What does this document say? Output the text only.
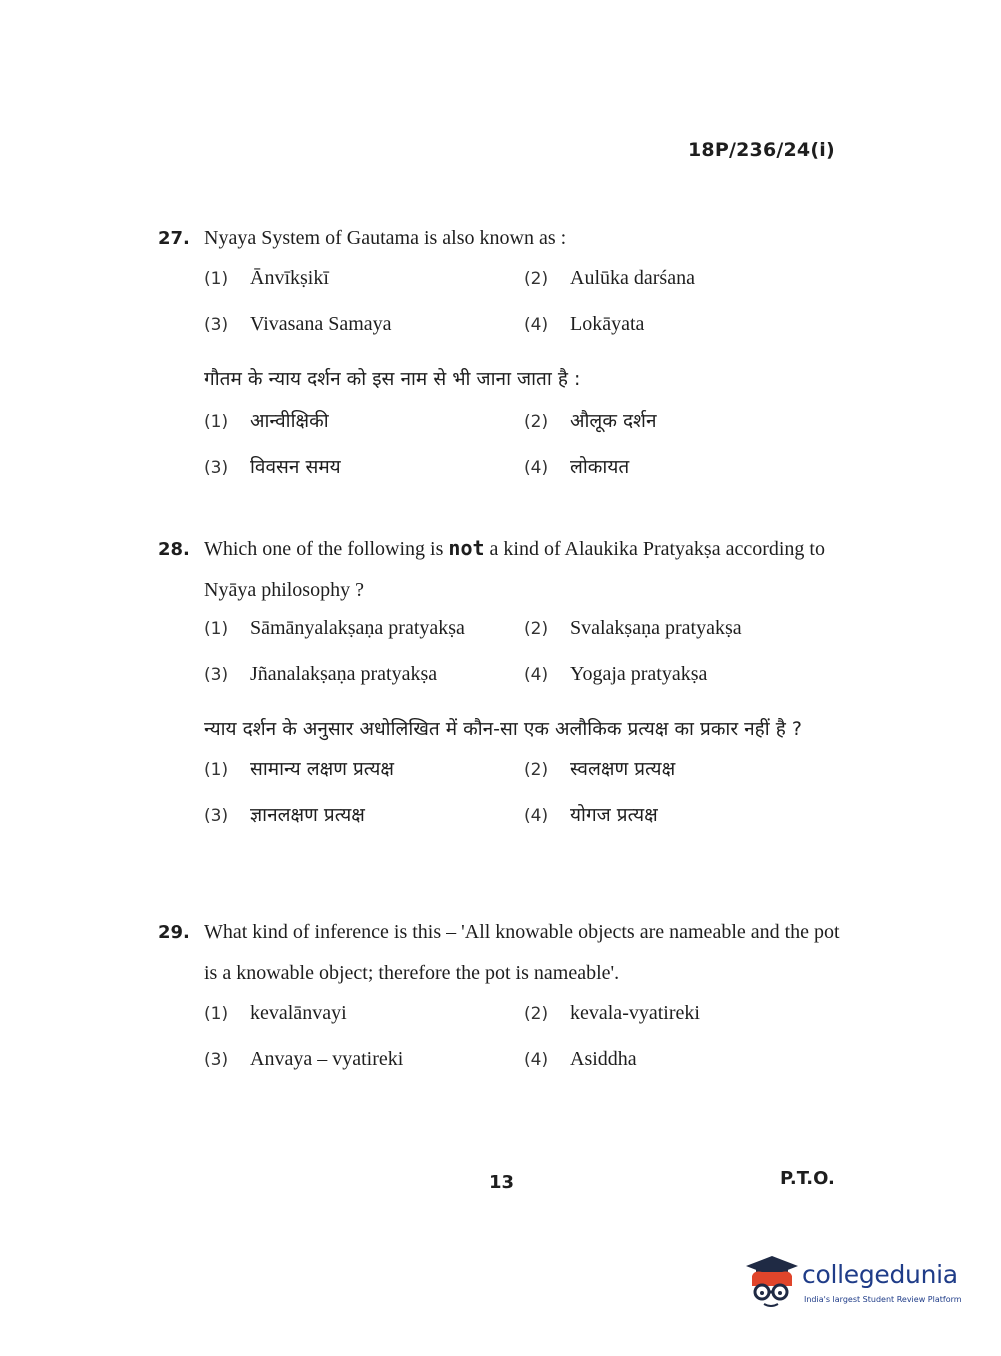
18P/236/24(i)
27. Nyaya System of Gautama is also known as :
(1)	Ānvīkṣikī	(2)	Aulūka darśana
(3)	Vivasana Samaya	(4)	Lokāyata
गौतम के न्याय दर्शन को इस नाम से भी जाना जाता है :
(1)	आन्वीक्षिकी	(2)	औलूक दर्शन
(3)	विवसन समय	(4)	लोकायत
28. Which one of the following is not a kind of Alaukika Pratyakṣa according to Nyāya philosophy ?
(1)	Sāmānyalakṣaṇa pratyakṣa	(2)	Svalakṣaṇa pratyakṣa
(3)	Jñanalakṣaṇa pratyakṣa	(4)	Yogaja pratyakṣa
न्याय दर्शन के अनुसार अधोलिखित में कौन-सा एक अलौकिक प्रत्यक्ष का प्रकार नहीं है ?
(1)	सामान्य लक्षण प्रत्यक्ष	(2)	स्वलक्षण प्रत्यक्ष
(3)	ज्ञानलक्षण प्रत्यक्ष	(4)	योगज प्रत्यक्ष
29. What kind of inference is this – 'All knowable objects are nameable and the pot is a knowable object; therefore the pot is nameable'.
(1)	kevalānvayi	(2)	kevala-vyatireki
(3)	Anvaya – vyatireki	(4)	Asiddha
13	P.T.O.
collegedunia
India's largest Student Review Platform
